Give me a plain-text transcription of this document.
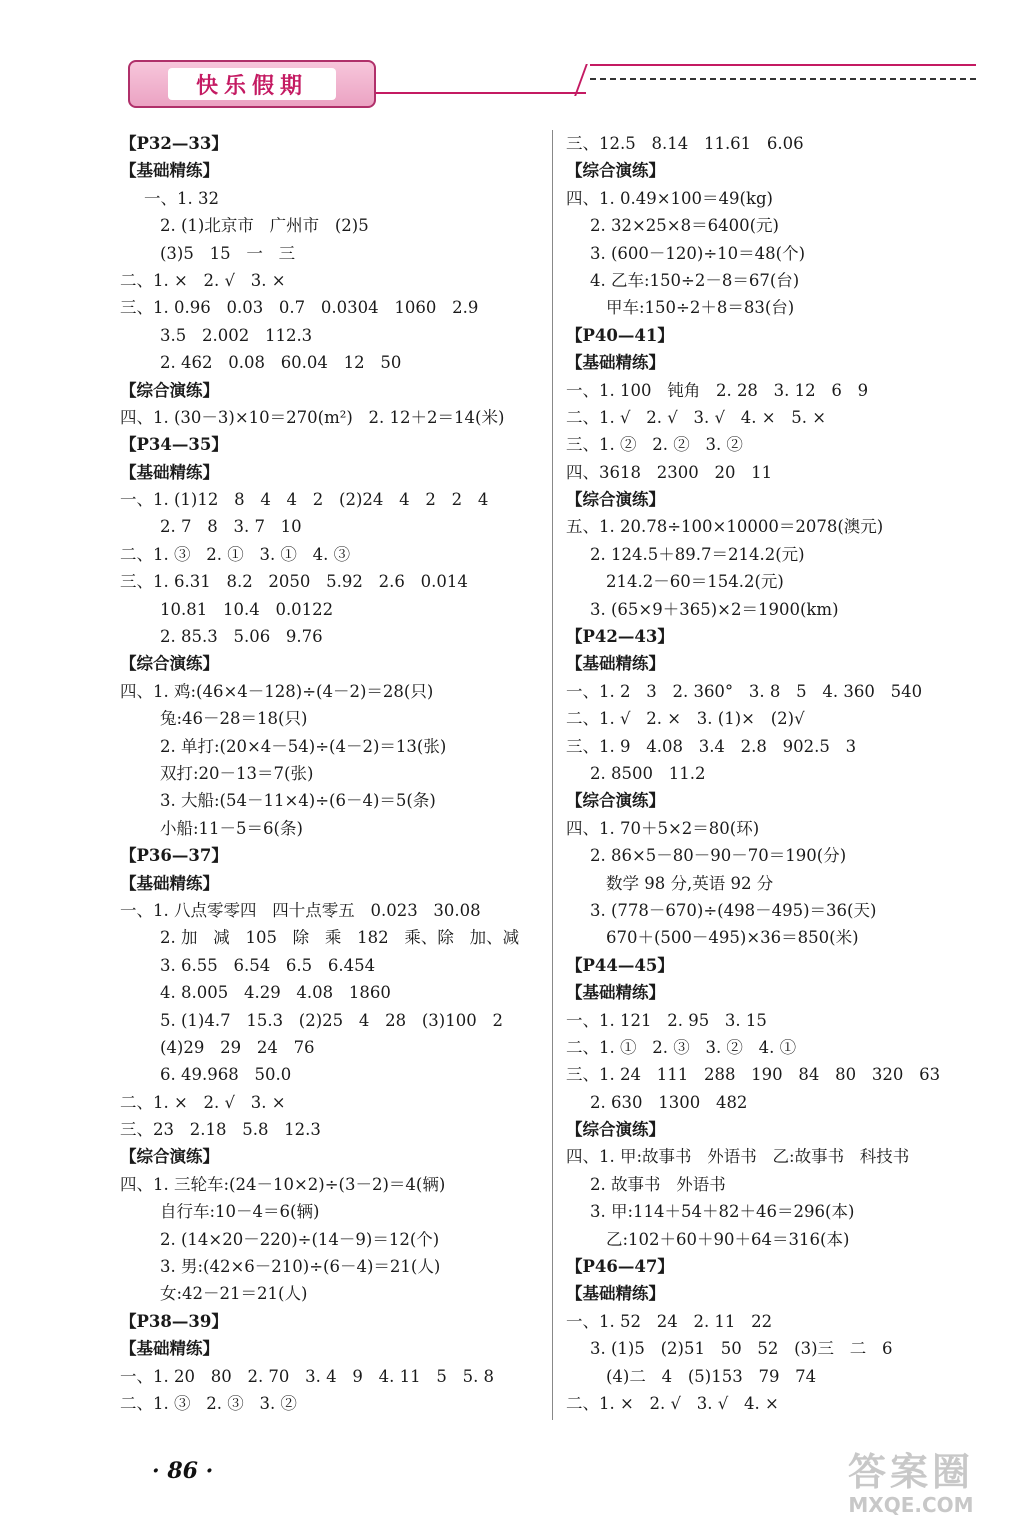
快乐假期
【P32—33】
【基础精练】
一、1. 32
2. (1)北京市   广州市   (2)5
(3)5   15   一   三
二、1. ×   2. √   3. ×
三、1. 0.96   0.03   0.7   0.0304   1060   2.9
3.5   2.002   112.3
2. 462   0.08   60.04   12   50
【综合演练】
四、1. (30－3)×10＝270(m²)   2. 12＋2＝14(米)
【P34—35】
【基础精练】
一、1. (1)12   8   4   4   2   (2)24   4   2   2   4
2. 7   8   3. 7   10
二、1. ③   2. ①   3. ①   4. ③
三、1. 6.31   8.2   2050   5.92   2.6   0.014
10.81   10.4   0.0122
2. 85.3   5.06   9.76
【综合演练】
四、1. 鸡:(46×4－128)÷(4－2)＝28(只)
兔:46－28＝18(只)
2. 单打:(20×4－54)÷(4－2)＝13(张)
双打:20－13＝7(张)
3. 大船:(54－11×4)÷(6－4)＝5(条)
小船:11－5＝6(条)
【P36—37】
【基础精练】
一、1. 八点零零四   四十点零五   0.023   30.08
2. 加   减   105   除   乘   182   乘、除   加、减
3. 6.55   6.54   6.5   6.454
4. 8.005   4.29   4.08   1860
5. (1)4.7   15.3   (2)25   4   28   (3)100   2
(4)29   29   24   76
6. 49.968   50.0
二、1. ×   2. √   3. ×
三、23   2.18   5.8   12.3
【综合演练】
四、1. 三轮车:(24－10×2)÷(3－2)＝4(辆)
自行车:10－4＝6(辆)
2. (14×20－220)÷(14－9)＝12(个)
3. 男:(42×6－210)÷(6－4)＝21(人)
女:42－21＝21(人)
【P38—39】
【基础精练】
一、1. 20   80   2. 70   3. 4   9   4. 11   5   5. 8
二、1. ③   2. ③   3. ②
三、12.5   8.14   11.61   6.06
【综合演练】
四、1. 0.49×100＝49(kg)
2. 32×25×8＝6400(元)
3. (600－120)÷10＝48(个)
4. 乙车:150÷2－8＝67(台)
甲车:150÷2＋8＝83(台)
【P40—41】
【基础精练】
一、1. 100   钝角   2. 28   3. 12   6   9
二、1. √   2. √   3. √   4. ×   5. ×
三、1. ②   2. ②   3. ②
四、3618   2300   20   11
【综合演练】
五、1. 20.78÷100×10000＝2078(澳元)
2. 124.5＋89.7＝214.2(元)
214.2－60＝154.2(元)
3. (65×9＋365)×2＝1900(km)
【P42—43】
【基础精练】
一、1. 2   3   2. 360°   3. 8   5   4. 360   540
二、1. √   2. ×   3. (1)×   (2)√
三、1. 9   4.08   3.4   2.8   902.5   3
2. 8500   11.2
【综合演练】
四、1. 70＋5×2＝80(环)
2. 86×5－80－90－70＝190(分)
数学 98 分,英语 92 分
3. (778－670)÷(498－495)＝36(天)
670＋(500－495)×36＝850(米)
【P44—45】
【基础精练】
一、1. 121   2. 95   3. 15
二、1. ①   2. ③   3. ②   4. ①
三、1. 24   111   288   190   84   80   320   63
2. 630   1300   482
【综合演练】
四、1. 甲:故事书   外语书   乙:故事书   科技书
2. 故事书   外语书
3. 甲:114＋54＋82＋46＝296(本)
乙:102＋60＋90＋64＝316(本)
【P46—47】
【基础精练】
一、1. 52   24   2. 11   22
3. (1)5   (2)51   50   52   (3)三   二   6
(4)二   4   (5)153   79   74
二、1. ×   2. √   3. √   4. ×
· 86 ·	答案圈
MXQE.COM
